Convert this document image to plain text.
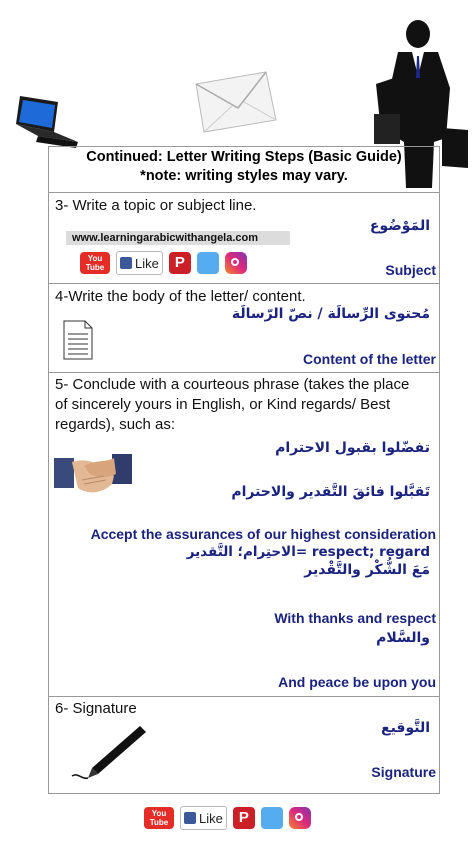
Continued: Letter Writing Steps (Basic Guide)
*note: writing styles may vary.
3- Write a topic or subject line.
المَوْضُوع
www.learningarabicwithangela.com
You
Tube	Like	P	Subject
4-Write the body of the letter/ content.
مُحتوى الرِّسالَة / نصّ الرّسالَة
Content of the letter
5- Conclude with a courteous phrase (takes the place
of sincerely yours in English, or Kind regards/ Best
regards), such as:
تفضّلوا بقبول الاحترام
تَقبَّلوا فائقَ التَّقدير والاحترام
Accept the assurances of our highest consideration
respect; regard =الاحتِرام؛ التَّقدير
مَعَ الشُّكْر والتَّقْدير
With thanks and respect
والسَّلام
And peace be upon you
6- Signature
التَّوقيع
Signature
You
Tube	Like	P
